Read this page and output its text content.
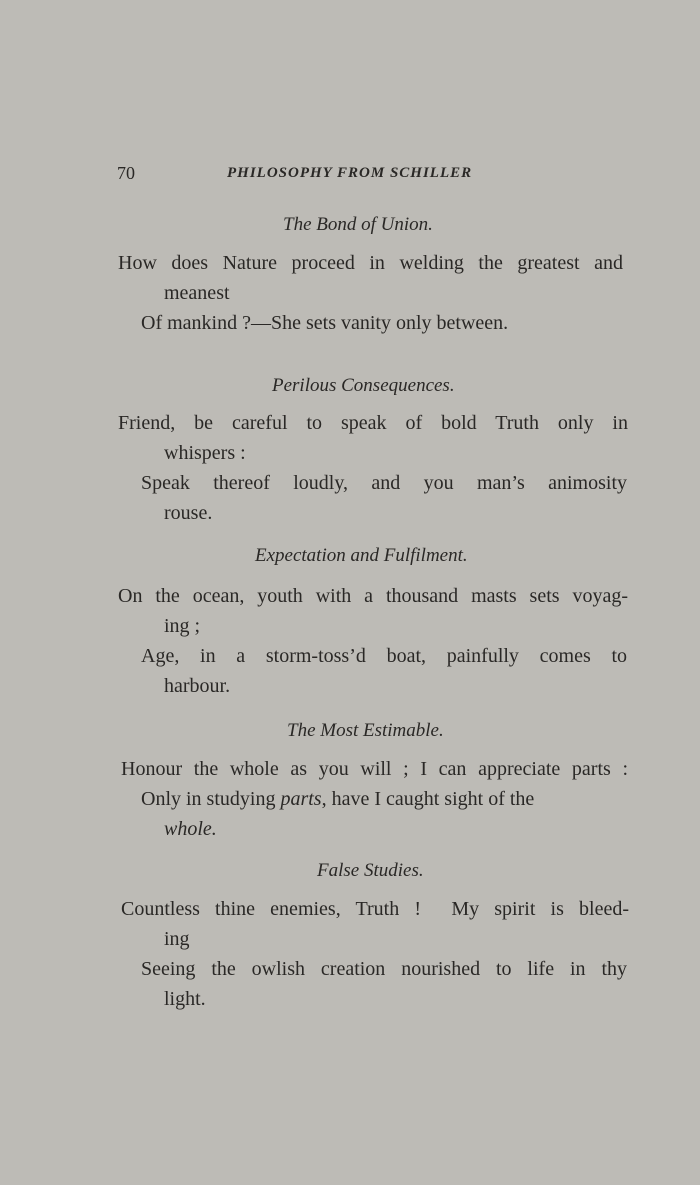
70	PHILOSOPHY FROM SCHILLER
The Bond of Union.
How does Nature proceed in welding the greatest and
meanest
Of mankind ?—She sets vanity only between.
Perilous Consequences.
Friend, be careful to speak of bold Truth only in
whispers :
Speak thereof loudly, and you man’s animosity
rouse.
Expectation and Fulfilment.
On the ocean, youth with a thousand masts sets voyag-
ing ;
Age, in a storm-toss’d boat, painfully comes to
harbour.
The Most Estimable.
Honour the whole as you will ; I can appreciate parts :
Only in studying parts, have I caught sight of the
whole.
False Studies.
Countless thine enemies, Truth !  My spirit is bleed-
ing
Seeing the owlish creation nourished to life in thy
light.
